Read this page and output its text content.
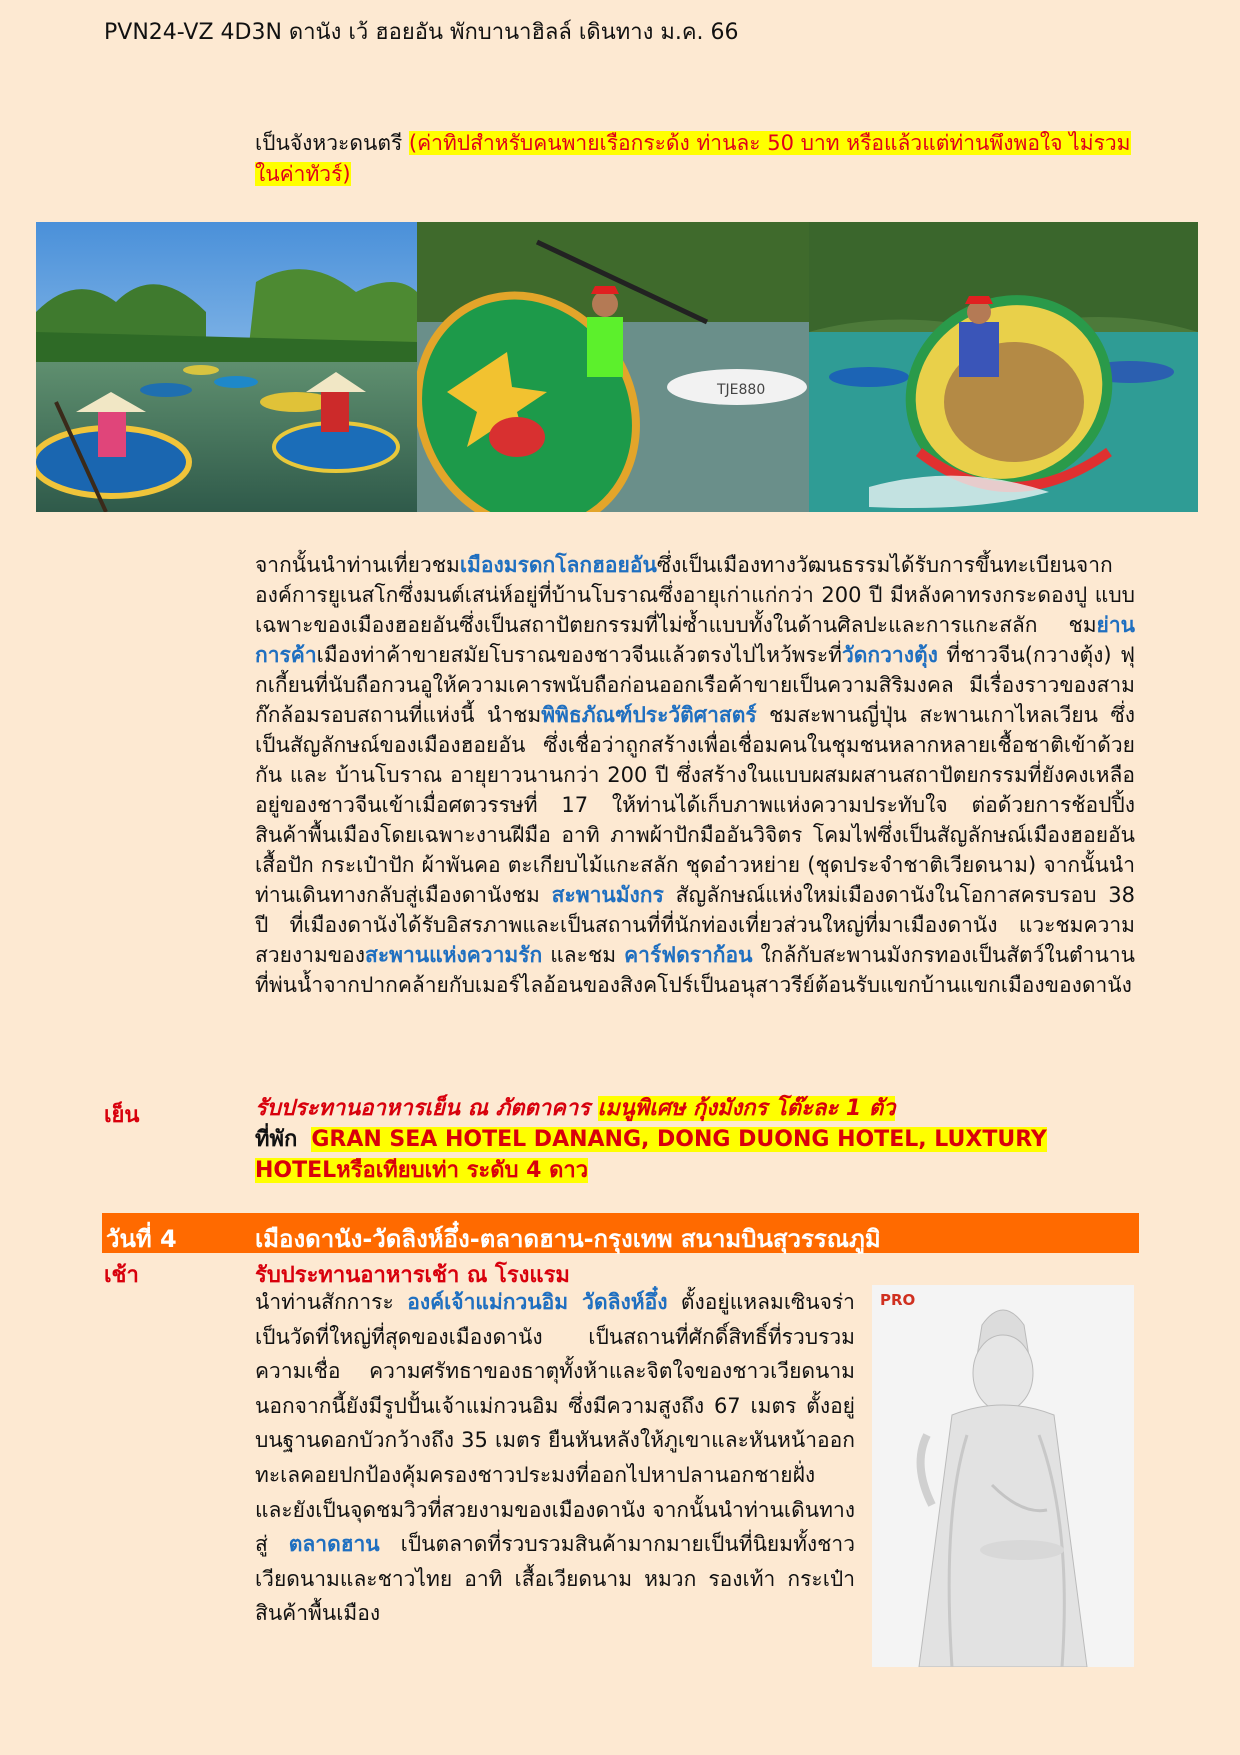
PVN24-VZ 4D3N ดานัง เว้ ฮอยอัน พักบานาฮิลล์ เดินทาง ม.ค. 66
เป็นจังหวะดนตรี (ค่าทิปสำหรับคนพายเรือกระด้ง ท่านละ 50 บาท หรือแล้วแต่ท่านพึงพอใจ ไม่รวมในค่าทัวร์)
TJE880
จากนั้นนำท่านเที่ยวชมเมืองมรดกโลกฮอยอันซึ่งเป็นเมืองทางวัฒนธรรมได้รับการขึ้นทะเบียนจากองค์การยูเนสโกซึ่งมนต์เสน่ห์อยู่ที่บ้านโบราณซึ่งอายุเก่าแก่กว่า 200 ปี มีหลังคาทรงกระดองปู แบบเฉพาะของเมืองฮอยอันซึ่งเป็นสถาปัตยกรรมที่ไม่ซ้ำแบบทั้งในด้านศิลปะและการแกะสลัก ชมย่านการค้าเมืองท่าค้าขายสมัยโบราณของชาวจีนแล้วตรงไปไหว้พระที่วัดกวางตุ้ง ที่ชาวจีน(กวางตุ้ง) ฟุกเกี้ยนที่นับถือกวนอูให้ความเคารพนับถือก่อนออกเรือค้าขายเป็นความสิริมงคล มีเรื่องราวของสามก๊กล้อมรอบสถานที่แห่งนี้ นำชมพิพิธภัณฑ์ประวัติศาสตร์ ชมสะพานญี่ปุ่น สะพานเกาไหลเวียน ซึ่งเป็นสัญลักษณ์ของเมืองฮอยอัน ซึ่งเชื่อว่าถูกสร้างเพื่อเชื่อมคนในชุมชนหลากหลายเชื้อชาติเข้าด้วยกัน และ บ้านโบราณ อายุยาวนานกว่า 200 ปี ซึ่งสร้างในแบบผสมผสานสถาปัตยกรรมที่ยังคงเหลืออยู่ของชาวจีนเข้าเมื่อศตวรรษที่ 17 ให้ท่านได้เก็บภาพแห่งความประทับใจ ต่อด้วยการช้อปปิ้งสินค้าพื้นเมืองโดยเฉพาะงานฝีมือ อาทิ ภาพผ้าปักมืออันวิจิตร โคมไฟซึ่งเป็นสัญลักษณ์เมืองฮอยอัน เสื้อปัก กระเป๋าปัก ผ้าพันคอ ตะเกียบไม้แกะสลัก ชุดอ๋าวหย่าย (ชุดประจำชาติเวียดนาม) จากนั้นนำท่านเดินทางกลับสู่เมืองดานังชม สะพานมังกร สัญลักษณ์แห่งใหม่เมืองดานังในโอกาสครบรอบ 38 ปี ที่เมืองดานังได้รับอิสรภาพและเป็นสถานที่ที่นักท่องเที่ยวส่วนใหญ่ที่มาเมืองดานัง แวะชมความสวยงามของสะพานแห่งความรัก และชม คาร์ฟดราก้อน ใกล้กับสะพานมังกรทองเป็นสัตว์ในตำนานที่พ่นน้ำจากปากคล้ายกับเมอร์ไลอ้อนของสิงคโปร์เป็นอนุสาวรีย์ต้อนรับแขกบ้านแขกเมืองของดานัง
เย็น	รับประทานอาหารเย็น ณ ภัตตาคาร เมนูพิเศษ กุ้งมังกร โต๊ะละ 1 ตัว
ที่พัก GRAN SEA HOTEL DANANG, DONG DUONG HOTEL, LUXTURY HOTELหรือเทียบเท่า ระดับ 4 ดาว
วันที่ 4	เมืองดานัง-วัดลิงห์อึ๋ง-ตลาดฮาน-กรุงเทพ สนามบินสุวรรณภูมิ
เช้า	รับประทานอาหารเช้า ณ โรงแรม
นำท่านสักการะ องค์เจ้าแม่กวนอิม วัดลิงห์อึ๋ง ตั้งอยู่แหลมเซินจร่า เป็นวัดที่ใหญ่ที่สุดของเมืองดานัง เป็นสถานที่ศักดิ์สิทธิ์ที่รวบรวมความเชื่อ ความศรัทธาของธาตุทั้งห้าและจิตใจของชาวเวียดนาม นอกจากนี้ยังมีรูปปั้นเจ้าแม่กวนอิม ซึ่งมีความสูงถึง 67 เมตร ตั้งอยู่บนฐานดอกบัวกว้างถึง 35 เมตร ยืนหันหลังให้ภูเขาและหันหน้าออกทะเลคอยปกป้องคุ้มครองชาวประมงที่ออกไปหาปลานอกชายฝั่ง และยังเป็นจุดชมวิวที่สวยงามของเมืองดานัง จากนั้นนำท่านเดินทางสู่ ตลาดฮาน เป็นตลาดที่รวบรวมสินค้ามากมายเป็นที่นิยมทั้งชาวเวียดนามและชาวไทย อาทิ เสื้อเวียดนาม หมวก รองเท้า กระเป๋า สินค้าพื้นเมือง
PRO
